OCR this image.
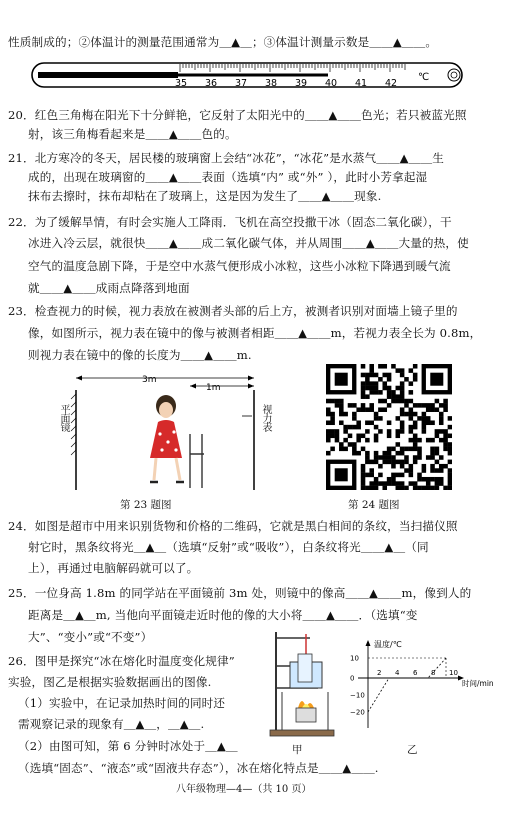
性质制成的；②体温计的测量范围通常为＿▲＿；③体温计测量示数是＿＿▲＿＿。
35 36 37 38 39 40 41 42
℃
20．红色三角梅在阳光下十分鲜艳，它反射了太阳光中的＿＿▲＿＿色光；若只被蓝光照
射，该三角梅看起来是＿＿▲＿＿色的。
21．北方寒冷的冬天，居民楼的玻璃窗上会结“冰花”，“冰花”是水蒸气＿＿▲＿＿生
成的，出现在玻璃窗的＿＿▲＿＿表面（选填“内” 或“外” ），此时小芳拿起湿
抹布去擦时，抹布却粘在了玻璃上，这是因为发生了＿＿▲＿＿现象.
22．为了缓解旱情，有时会实施人工降雨．飞机在高空投撒干冰（固态二氧化碳），干
冰进入冷云层，就很快＿＿▲＿＿成二氧化碳气体，并从周围＿＿▲＿＿大量的热，使
空气的温度急剧下降，于是空中水蒸气便形成小冰粒，这些小冰粒下降遇到暖气流
就＿＿▲＿＿成雨点降落到地面
23．检查视力的时候，视力表放在被测者头部的后上方，被测者识别对面墙上镜子里的
像，如图所示，视力表在镜中的像与被测者相距＿＿▲＿＿m，若视力表全长为 0.8m，
则视力表在镜中的像的长度为＿＿▲＿＿m.
3m
1m
平面镜	视力表
第 23 题图	第 24 题图
24．如图是超市中用来识别货物和价格的二维码，它就是黑白相间的条纹，当扫描仪照
射它时，黑条纹将光＿▲＿（选填“反射”或“吸收”），白条纹将光＿＿▲＿（同
上），再通过电脑解码就可以了。
25．一位身高 1.8m 的同学站在平面镜前 3m 处，则镜中的像高＿＿▲＿＿m，像到人的
距离是＿▲＿m, 当他向平面镜走近时他的像的大小将＿＿▲＿＿．（选填“变
大”、“变小”或“不变”）
26．图甲是探究“冰在熔化时温度变化规律”
实验，图乙是根据实验数据画出的图像.
（1）实验中，在记录加热时间的同时还
需观察记录的现象有＿▲＿，＿▲＿.
（2）由图可知，第 6 分钟时冰处于＿▲＿
（选填“固态”、“液态”或“固液共存态”），冰在熔化特点是＿＿▲＿＿.
甲
10
0
−10
−20
2 4 6 8 10
温度/℃
时间/min
乙
八年级物理—4—（共 10 页）
